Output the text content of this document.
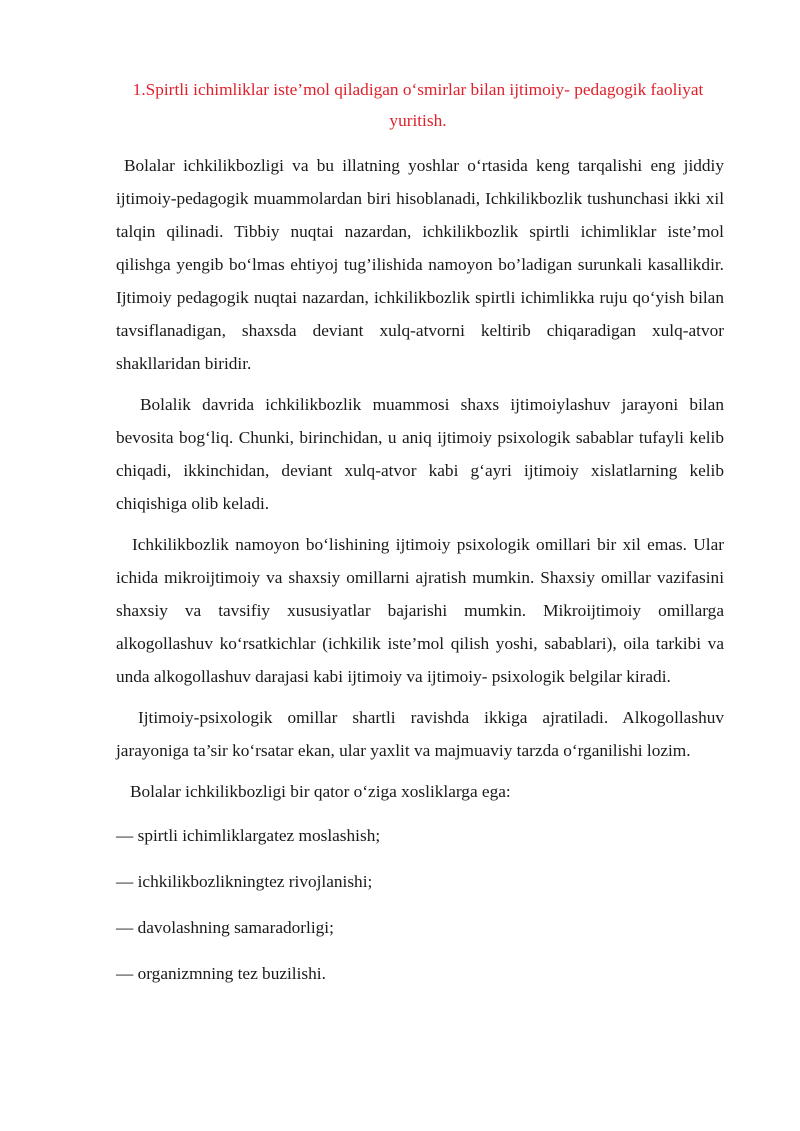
1.Spirtli ichimliklar iste’mol qiladigan o‘smirlar bilan ijtimoiy- pedagogik faoliyat yuritish.

Bolalar ichkilikbozligi va bu illatning yoshlar o‘rtasida keng tarqalishi eng jiddiy ijtimoiy-pedagogik muammolardan biri hisoblanadi, Ichkilikbozlik tushunchasi ikki xil talqin qilinadi. Tibbiy nuqtai nazardan, ichkilikbozlik spirtli ichimliklar iste’mol qilishga yengib bo‘lmas ehtiyoj tug’ilishida namoyon bo’ladigan surunkali kasallikdir. Ijtimoiy pedagogik nuqtai nazardan, ichkilikbozlik spirtli ichimlikka ruju qo‘yish bilan tavsiflanadigan, shaxsda deviant xulq-atvorni keltirib chiqaradigan xulq-atvor shakllaridan biridir.

Bolalik davrida ichkilikbozlik muammosi shaxs ijtimoiylashuv jarayoni bilan bevosita bog‘liq. Chunki, birinchidan, u aniq ijtimoiy psixologik sabablar tufayli kelib chiqadi, ikkinchidan, deviant xulq-atvor kabi g‘ayri ijtimoiy xislatlarning kelib chiqishiga olib keladi.

Ichkilikbozlik namoyon bo‘lishining ijtimoiy psixologik omillari bir xil emas. Ular ichida mikroijtimoiy va shaxsiy omillarni ajratish mumkin. Shaxsiy omillar vazifasini shaxsiy va tavsifiy xususiyatlar bajarishi mumkin. Mikroijtimoiy omillarga alkogollashuv ko‘rsatkichlar (ichkilik iste’mol qilish yoshi, sabablari), oila tarkibi va unda alkogollashuv darajasi kabi ijtimoiy va ijtimoiy- psixologik belgilar kiradi.

Ijtimoiy-psixologik omillar shartli ravishda ikkiga ajratiladi. Alkogollashuv jarayoniga ta’sir ko‘rsatar ekan, ular yaxlit va majmuaviy tarzda o‘rganilishi lozim.

Bolalar ichkilikbozligi bir qator o‘ziga xosliklarga ega:

— spirtli ichimliklargatez moslashish;
— ichkilikbozlikningtez rivojlanishi;
— davolashning samaradorligi;
— organizmning tez buzilishi.
